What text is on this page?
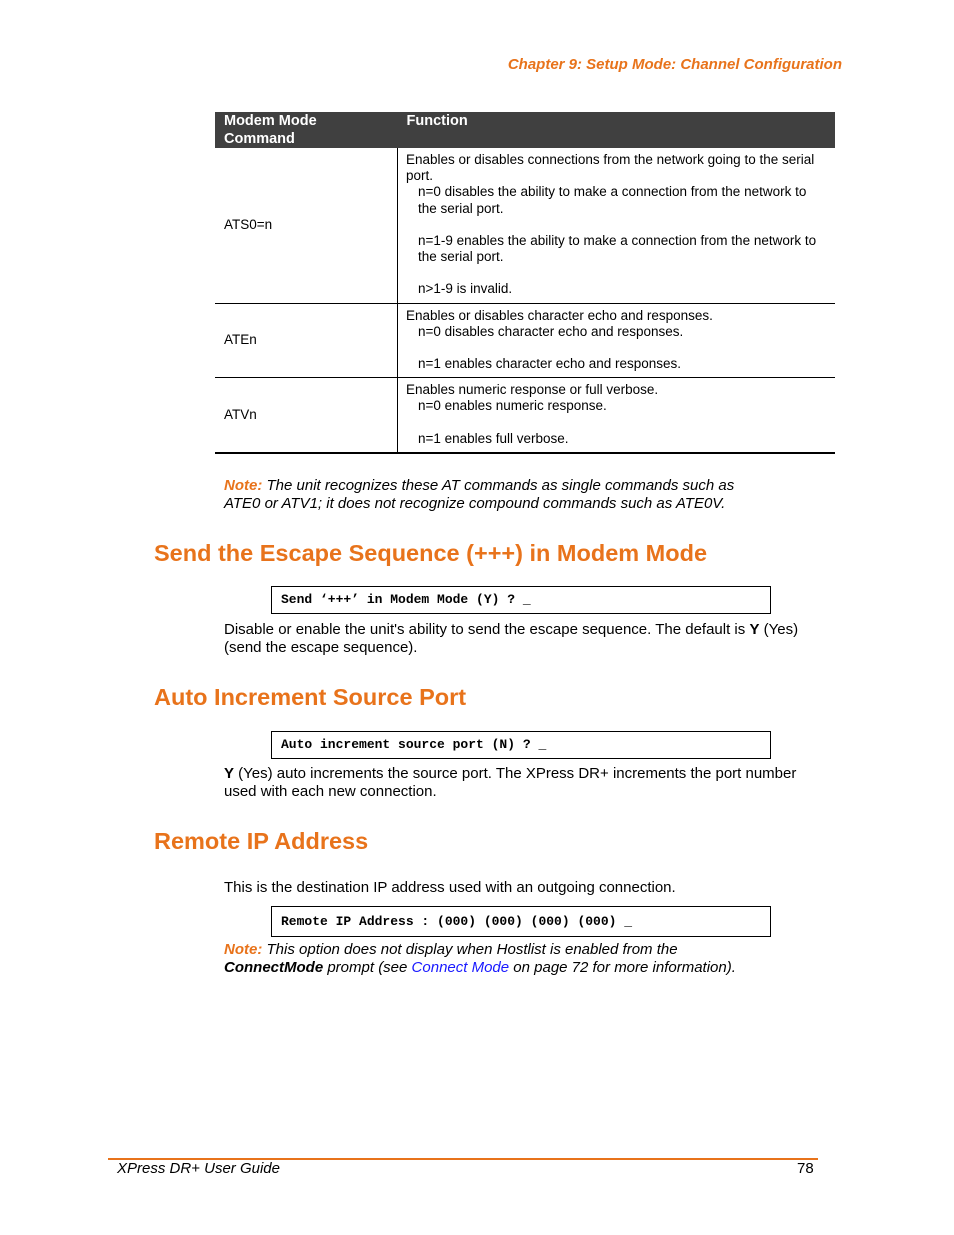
Chapter 9: Setup Mode: Channel Configuration
Modem Mode
Command	Function
ATS0=n	Enables or disables connections from the network going to the serial port.
n=0 disables the ability to make a connection from the network to the serial port.
n=1-9 enables the ability to make a connection from the network to the serial port.
n>1-9 is invalid.

ATEn	Enables or disables character echo and responses.
n=0 disables character echo and responses.
n=1 enables character echo and responses.

ATVn	Enables numeric response or full verbose.
n=0 enables numeric response.
n=1 enables full verbose.
Note: The unit recognizes these AT commands as single commands such as ATE0 or ATV1; it does not recognize compound commands such as ATE0V.
Send the Escape Sequence (+++) in Modem Mode
Send ‘+++’ in Modem Mode (Y) ? _
Disable or enable the unit's ability to send the escape sequence. The default is Y (Yes) (send the escape sequence).
Auto Increment Source Port
Auto increment source port (N) ? _
Y (Yes) auto increments the source port. The XPress DR+ increments the port number used with each new connection.
Remote IP Address
This is the destination IP address used with an outgoing connection.
Remote IP Address : (000) (000) (000) (000) _
Note: This option does not display when Hostlist is enabled from the
ConnectMode prompt (see Connect Mode on page 72 for more information).
XPress DR+ User Guide	78
